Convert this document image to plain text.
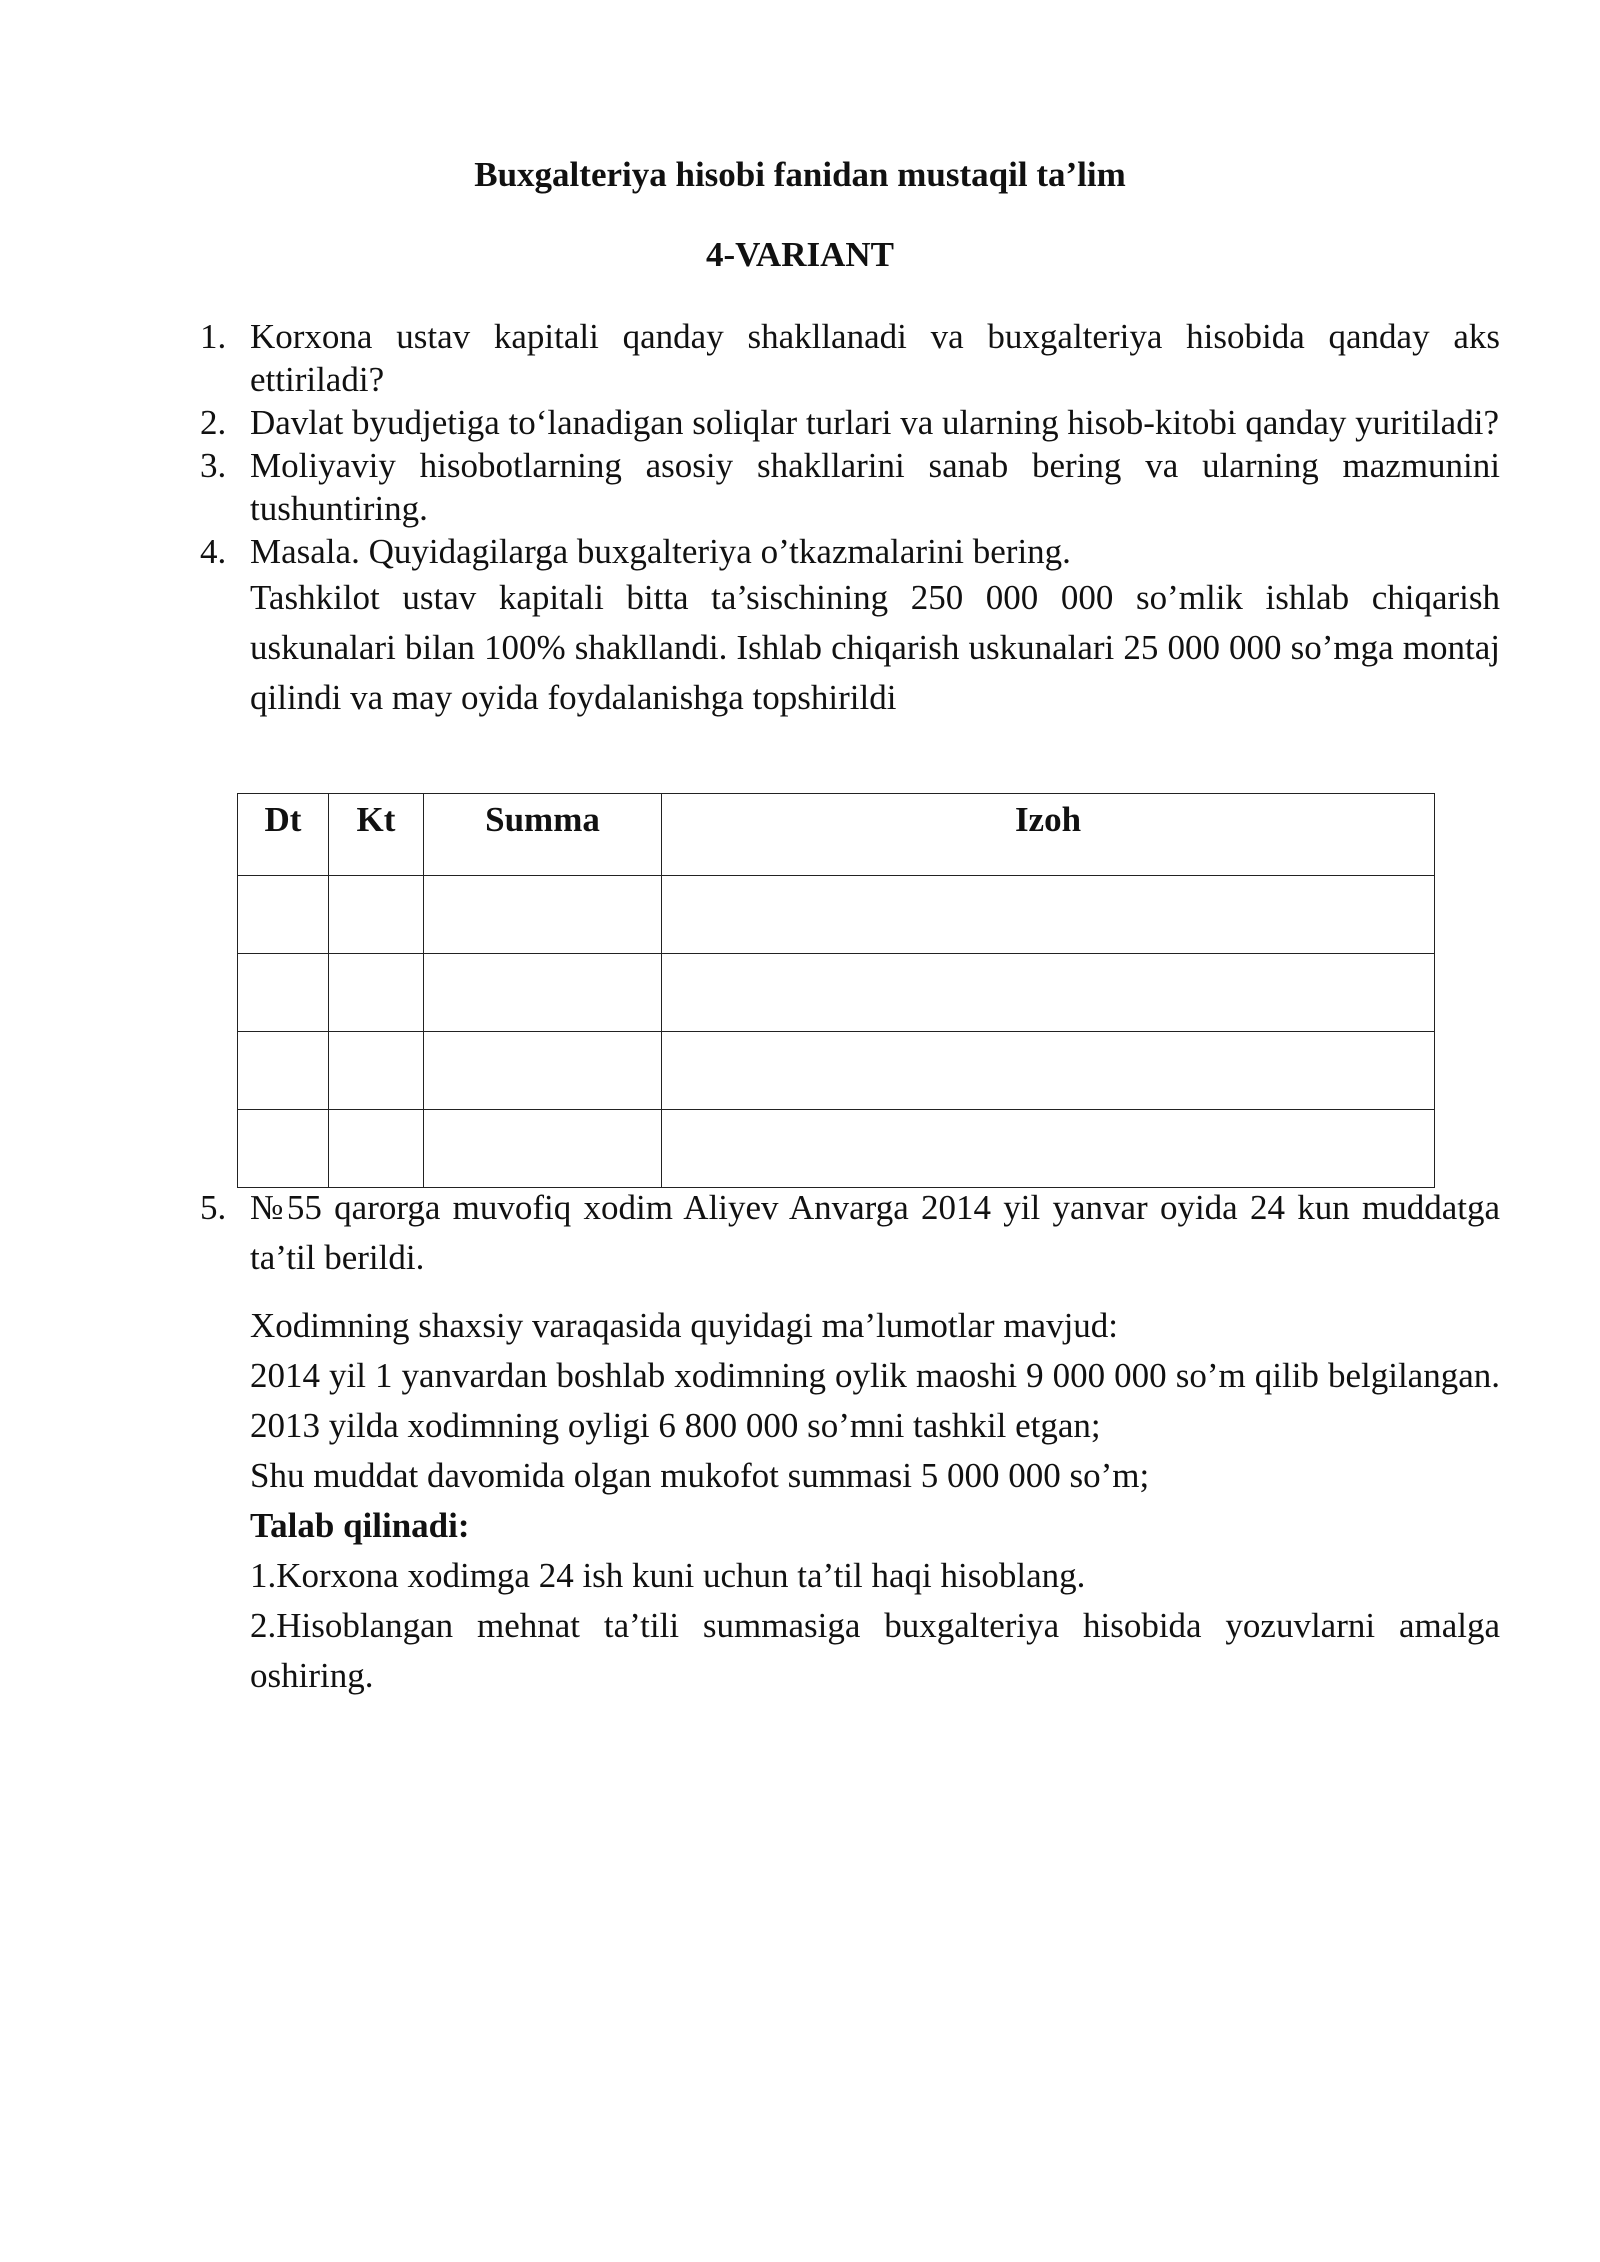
Buxgalteriya hisobi fanidan mustaqil ta’lim
4-VARIANT
1. Korxona ustav kapitali qanday shakllanadi va buxgalteriya hisobida qanday aks ettiriladi?
2. Davlat byudjetiga to‘lanadigan soliqlar turlari va ularning hisob-kitobi qanday yuritiladi?
3. Moliyaviy hisobotlarning asosiy shakllarini sanab bering va ularning mazmunini tushuntiring.
4. Masala. Quyidagilarga buxgalteriya o’tkazmalarini bering.
Tashkilot ustav kapitali bitta ta’sischining 250 000 000 so’mlik ishlab chiqarish uskunalari bilan 100% shakllandi. Ishlab chiqarish uskunalari 25 000 000 so’mga montaj qilindi va may oyida foydalanishga topshirildi
Dt	Kt	Summa	Izoh

5. №55 qarorga muvofiq xodim Aliyev Anvarga 2014 yil yanvar oyida 24 kun muddatga ta’til berildi.
Xodimning shaxsiy varaqasida quyidagi ma’lumotlar mavjud:
2014 yil 1 yanvardan boshlab xodimning oylik maoshi 9 000 000 so’m qilib belgilangan. 2013 yilda xodimning oyligi 6 800 000 so’mni tashkil etgan;
Shu muddat davomida olgan mukofot summasi 5 000 000 so’m;
Talab qilinadi:
1.Korxona xodimga 24 ish kuni uchun ta’til haqi hisoblang.
2.Hisoblangan mehnat ta’tili summasiga buxgalteriya hisobida yozuvlarni amalga oshiring.
